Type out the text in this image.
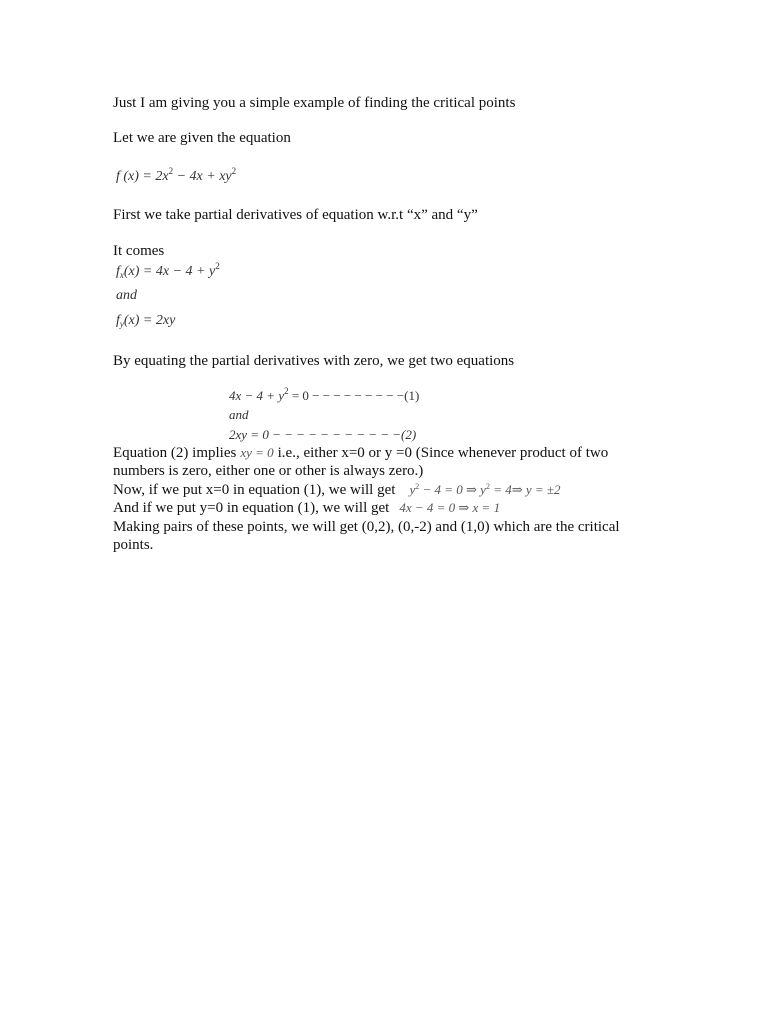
Just I am giving you a simple example of finding the critical points
Let we are given the equation
f $(x) = 2x^2 - 4x + xy^2$
First we take partial derivatives of equation w.r.t “x” and “y”
It comes
$f_x(x) = 4x - 4 + y^2$
and
$f_y(x) = 2xy$
By equating the partial derivatives with zero, we get two equations
$4x - 4 + y^2 = 0$ − − − − − − − − −(1)
and
2xy = 0 − − − − − − − − − − −(2)
Equation (2) implies xy = 0 i.e., either x=0 or y =0 (Since whenever product of two numbers is zero, either one or other is always zero.)
Now, if we put x=0 in equation (1), we will get $y^2 - 4 = 0$ ⇒ $y^2$ = 4⇒ y = ±2
And if we put y=0 in equation (1), we will get 4x − 4 = 0 ⇒ x = 1
Making pairs of these points, we will get (0,2), (0,-2) and (1,0) which are the critical points.
